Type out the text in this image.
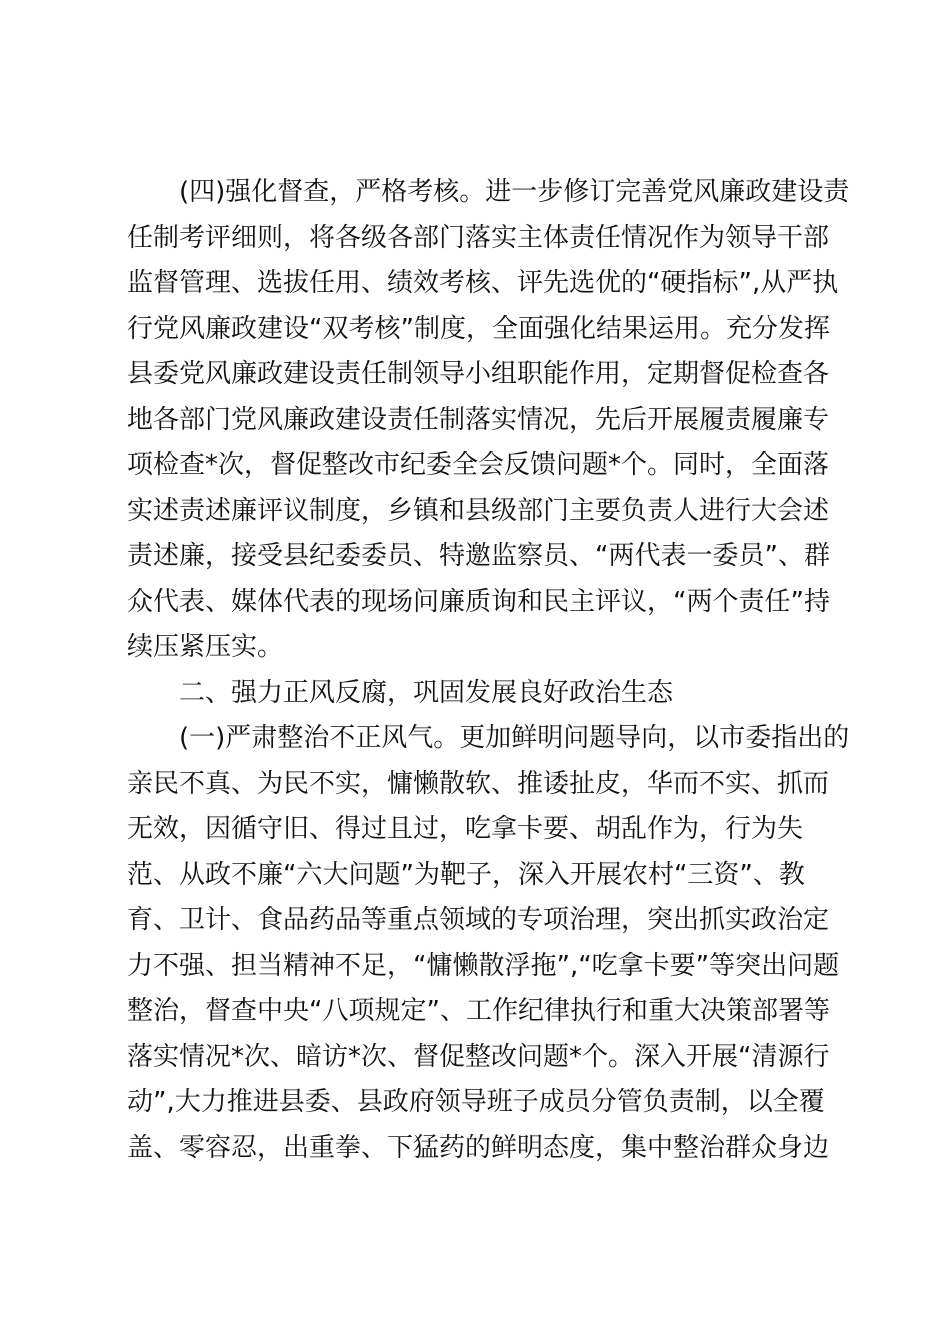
(四)强化督查，严格考核。进一步修订完善党风廉政建设责
任制考评细则，将各级各部门落实主体责任情况作为领导干部
监督管理、选拔任用、绩效考核、评先选优的“硬指标”,从严执
行党风廉政建设“双考核”制度，全面强化结果运用。充分发挥
县委党风廉政建设责任制领导小组职能作用，定期督促检查各
地各部门党风廉政建设责任制落实情况，先后开展履责履廉专
项检查*次，督促整改市纪委全会反馈问题*个。同时，全面落
实述责述廉评议制度，乡镇和县级部门主要负责人进行大会述
责述廉，接受县纪委委员、特邀监察员、“两代表一委员”、群
众代表、媒体代表的现场问廉质询和民主评议，“两个责任”持
续压紧压实。
二、强力正风反腐，巩固发展良好政治生态
(一)严肃整治不正风气。更加鲜明问题导向，以市委指出的
亲民不真、为民不实，慵懒散软、推诿扯皮，华而不实、抓而
无效，因循守旧、得过且过，吃拿卡要、胡乱作为，行为失
范、从政不廉“六大问题”为靶子，深入开展农村“三资”、教
育、卫计、食品药品等重点领域的专项治理，突出抓实政治定
力不强、担当精神不足，“慵懒散浮拖”,“吃拿卡要”等突出问题
整治，督查中央“八项规定”、工作纪律执行和重大决策部署等
落实情况*次、暗访*次、督促整改问题*个。深入开展“清源行
动”,大力推进县委、县政府领导班子成员分管负责制，以全覆
盖、零容忍，出重拳、下猛药的鲜明态度，集中整治群众身边
